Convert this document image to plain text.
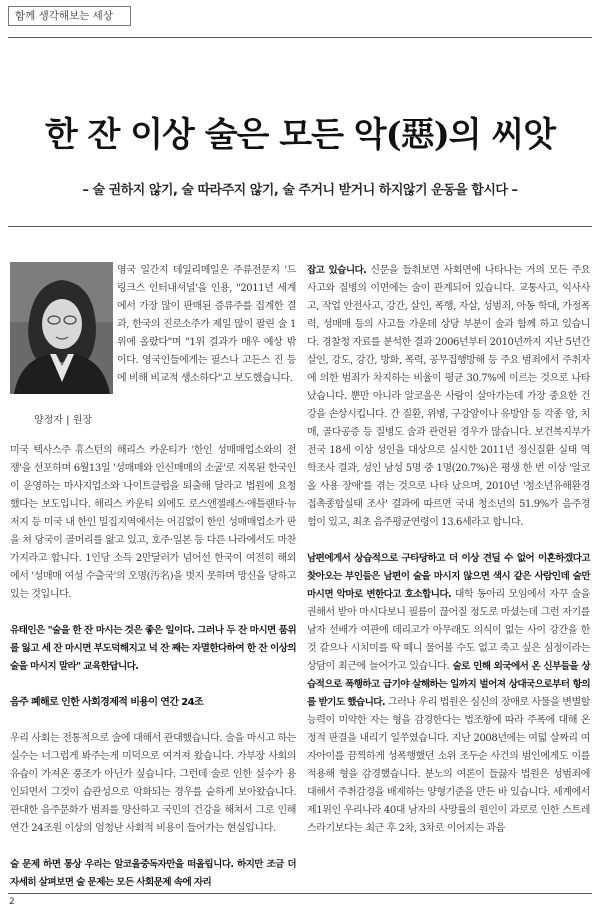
함께 생각해보는 세상
한 잔 이상 술은 모든 악(惡)의 씨앗
– 술 권하지 않기, 술 따라주지 않기, 술 주거니 받거니 하지않기 운동을 합시다 –
양정자 | 원장

영국 일간지 데일리메일은 주류전문지 '드링크스 인터내셔널'을 인용, "2011년 세계에서 가장 많이 판매된 증류주를 집계한 결과, 한국의 진로소주가 제일 많이 팔린 술 1위에 올랐다"며 "1위 결과가 매우 예상 밖이다. 영국인들에게는 필스나 고든스 진 등에 비해 비교적 생소하다"고 보도했습니다.

미국 텍사스주 휴스턴의 해리스 카운티가 '한인 성매매업소와의 전쟁'을 선포하며 6월13일 '성매매와 인신매매의 소굴'로 지목된 한국인이 운영하는 마사지업소와 나이트클럽을 퇴출해 달라고 법원에 요청했다는 보도입니다. 해리스 카운티 외에도 로스앤젤레스·애틀랜타·뉴저지 등 미국 내 한인 밀집지역에서는 어김없이 한인 성매매업소가 판을 쳐 당국이 골머리를 앓고 있고, 호주·일본 등 다른 나라에서도 마찬가지라고 합니다. 1인당 소득 2만달러가 넘어선 한국이 여전히 해외에서 '성매매 여성 수출국'의 오명(汚名)을 벗지 못하며 망신을 당하고 있는 것입니다.

유태인은 "술을 한 잔 마시는 것은 좋은 일이다. 그러나 두 잔 마시면 품위를 잃고 세 잔 마시면 부도덕해지고 넉 잔 째는 자멸한다하여 한 잔 이상의 술을 마시지 말라" 교육한답니다.

음주 폐해로 인한 사회경제적 비용이 연간 24조

우리 사회는 전통적으로 술에 대해서 관대했습니다. 술을 마시고 하는 실수는 너그럽게 봐주는게 미덕으로 여겨져 왔습니다. 가부장 사회의 유습이 가져온 풍조가 아닌가 싶습니다. 그런데 술로 인한 실수가 용인되면서 그것이 습관성으로 악화되는 경우를 숱하게 보아왔습니다. 관대한 음주문화가 범죄를 양산하고 국민의 건강을 해쳐서 그로 인해 연간 24조원 이상의 엄청난 사회적 비용이 들어가는 현실입니다.

술 문제 하면 통상 우리는 알코올중독자만을 떠올립니다. 하지만 조금 더 자세히 살펴보면 술 문제는 모든 사회문제 속에 자리

잡고 있습니다. 신문을 들춰보면 사회면에 나타나는 거의 모든 주요 사고와 질병의 이면에는 술이 관계되어 있습니다. 교통사고, 익사사고, 작업 안전사고, 강간, 살인, 폭행, 자살, 성범죄, 아동 학대, 가정폭력, 성매매 등의 사고들 가운데 상당 부분이 술과 함께 하고 있습니다. 경찰청 자료를 분석한 결과 2006년부터 2010년까지 지난 5년간 살인, 강도, 강간, 방화, 폭력, 공무집행방해 등 주요 범죄에서 주취자에 의한 범죄가 차지하는 비율이 평균 30.7%에 이르는 것으로 나타났습니다. 뿐만 아니라 알코올은 사람이 살아가는데 가장 중요한 건강을 손상시킵니다. 간 질환, 위병, 구강암이나 유방암 등 각종 암, 치매, 골다공증 등 질병도 술과 관련된 경우가 많습니다. 보건복지부가 전국 18세 이상 성인을 대상으로 실시한 2011년 정신질환 실태 역학조사 결과, 성인 남성 5명 중 1명(20.7%)은 평생 한 번 이상 '알코올 사용 장애'를 겪는 것으로 나타 났으며, 2010년 '청소년유해환경접촉종합실태 조사' 결과에 따르면 국내 청소년의 51.9%가 음주경험이 있고, 최초 음주평균연령이 13.6세라고 합니다.

남편에게서 상습적으로 구타당하고 더 이상 견딜 수 없어 이혼하겠다고 찾아오는 부인들은 남편이 술을 마시지 않으면 색시 같은 사람인데 술만 마시면 악마로 변한다고 호소합니다. 대학 동아리 모임에서 자꾸 술을 권해서 받아 마시다보니 필름이 끊어질 정도로 마셨는데 그런 자기를 남자 선배가 여관에 데리고가 아무래도 의식이 없는 사이 강간을 한 것 같으나 시치미를 딱 떼니 물어볼 수도 없고 죽고 싶은 심정이라는 상담이 최근에 늘어가고 있습니다. 술로 인해 외국에서 온 신부들을 상습적으로 폭행하고 급기야 살해하는 일까지 벌어져 상대국으로부터 항의를 받기도 했습니다. 그러나 우리 법원은 심신의 장애로 사물을 변별할 능력이 미약한 자는 형을 감경한다는 법조항에 따라 주폭에 대해 온정적 판결을 내리기 일쑤였습니다. 지난 2008년에는 여덟 살짜리 여자아이를 끔찍하게 성폭행했던 소위 조두순 사건의 범인에게도 이를 적용해 형을 감경했습니다. 분노의 여론이 들끓자 법원은 성범죄에 대해서 주취감경을 배제하는 양형기준을 만든 바 있습니다. 세계에서 제1위인 우리나라 40대 남자의 사망률의 원인이 과로로 인한 스트레스라기보다는 최근 후 2차, 3차로 이어지는 과음

2
